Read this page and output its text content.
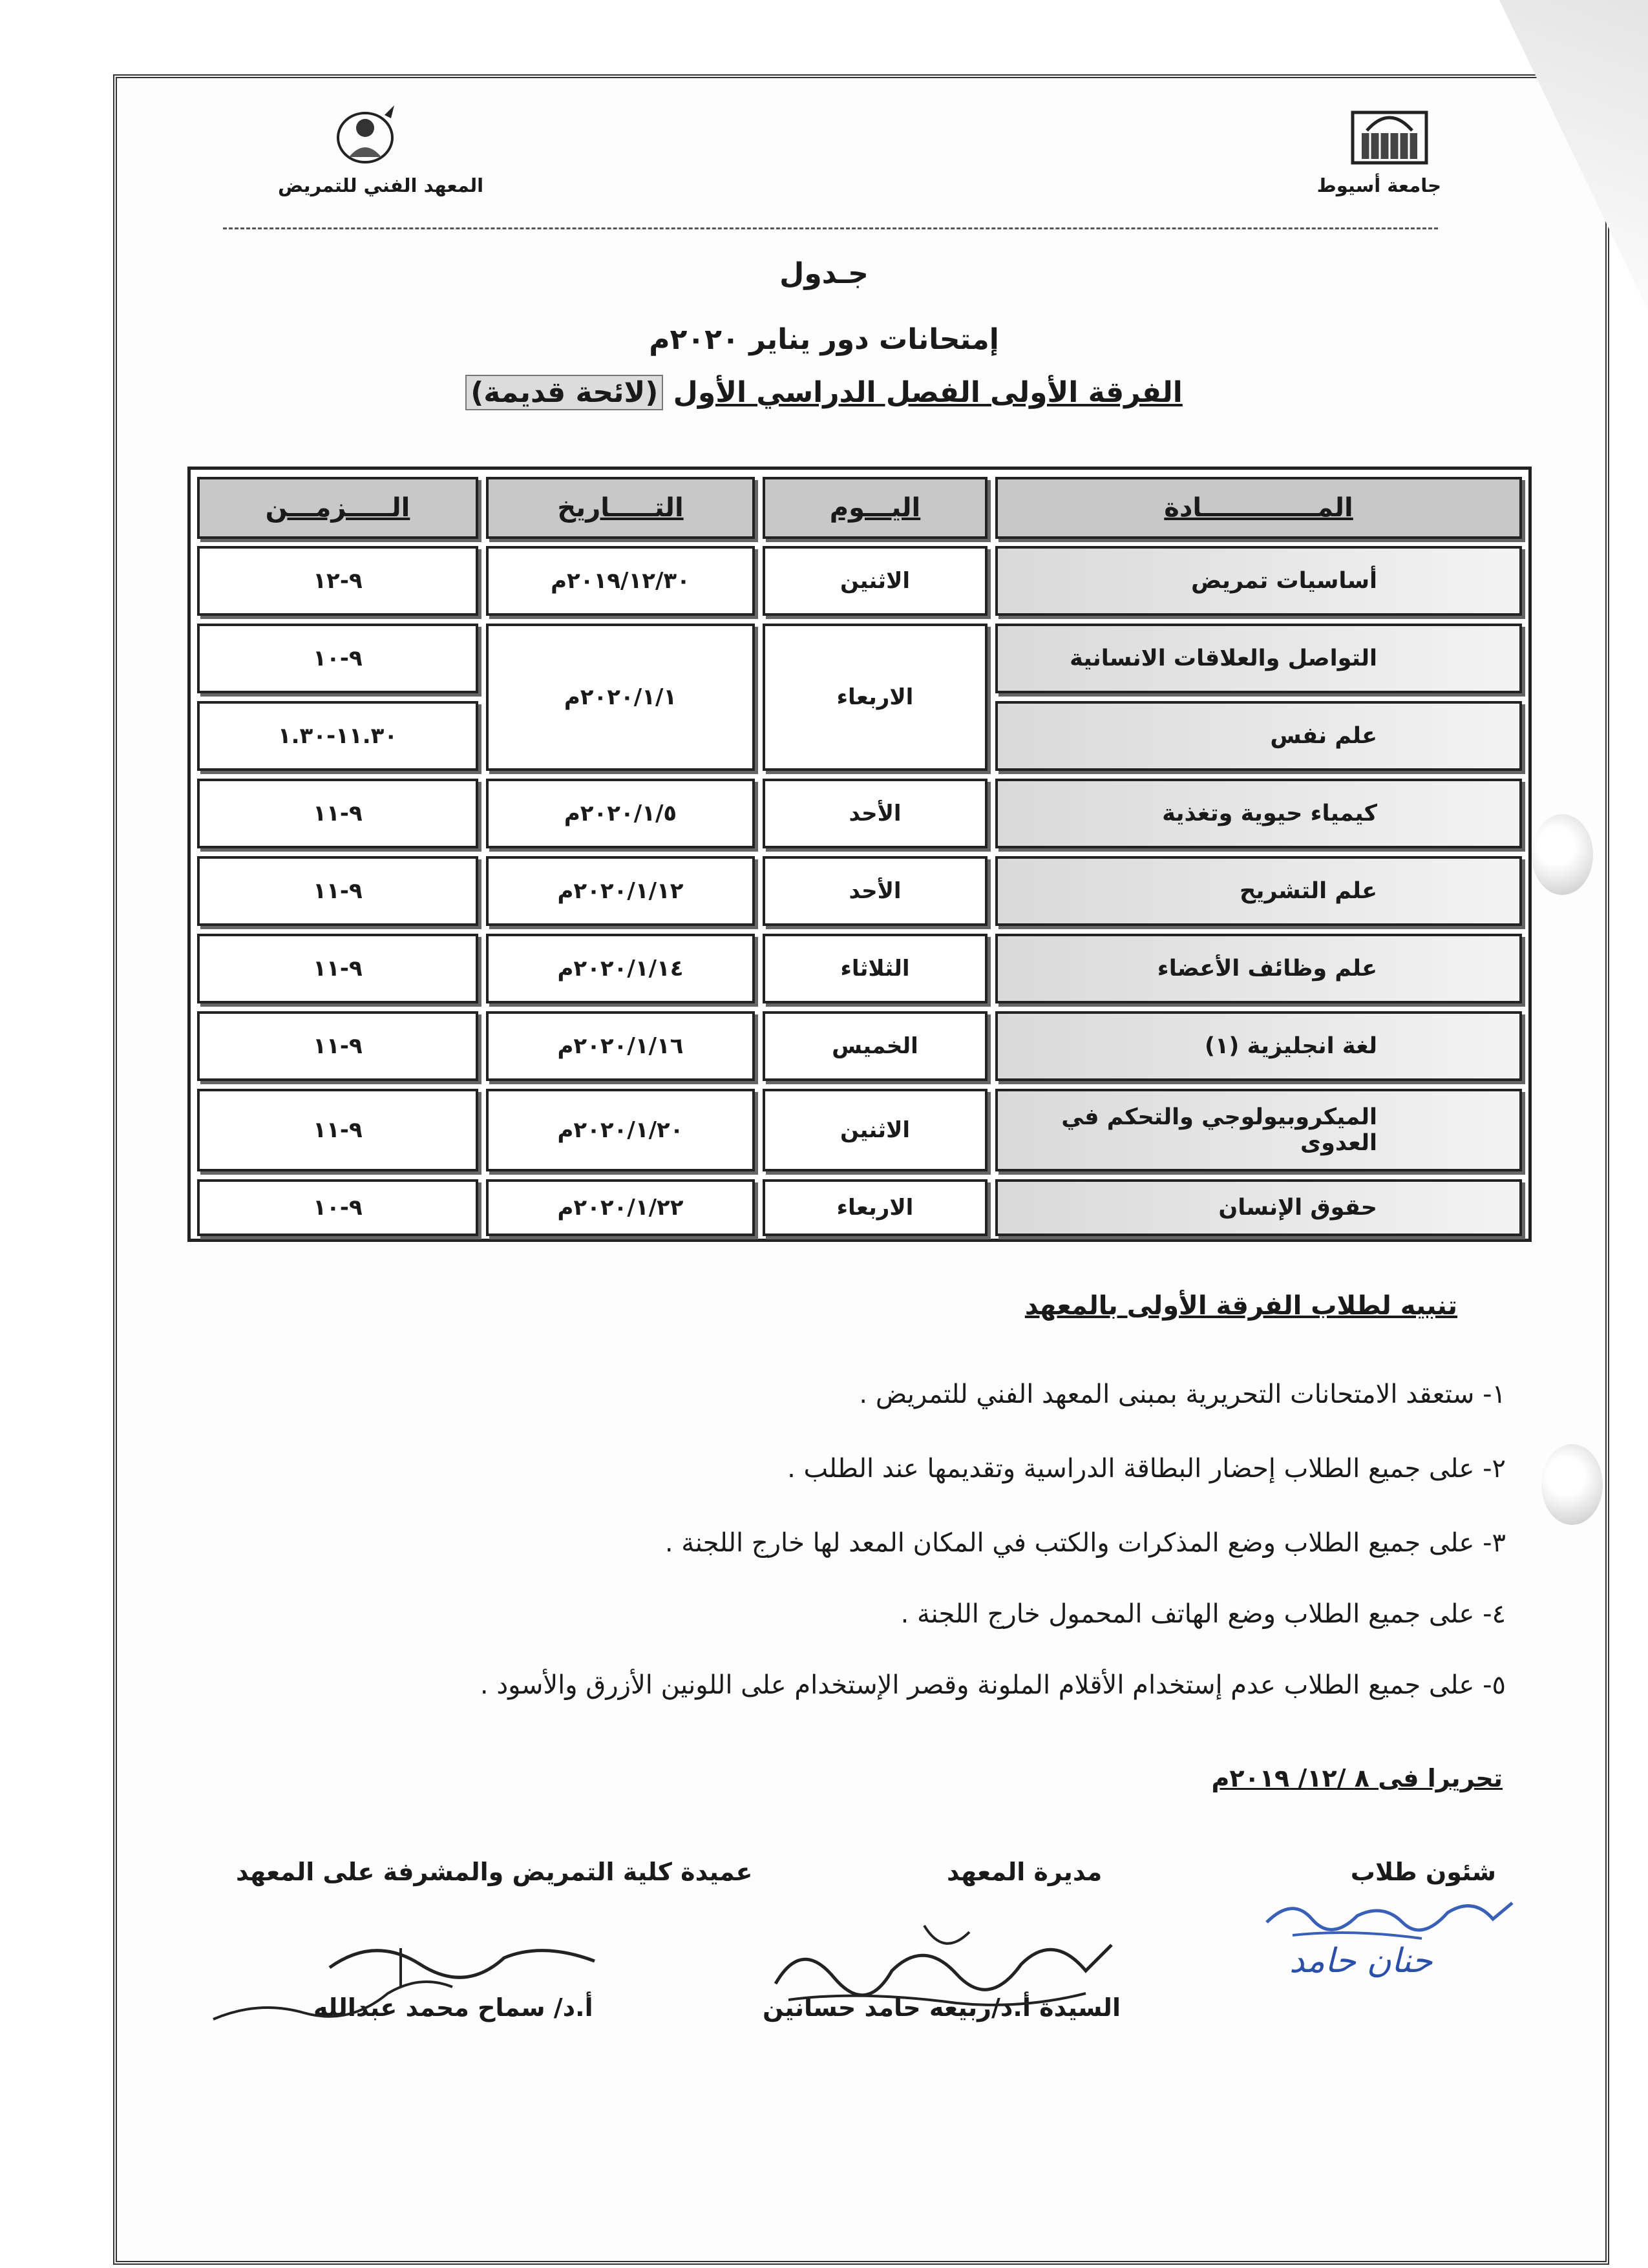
جامعة أسيوط
المعهد الفني للتمريض
جـدول
إمتحانات دور يناير ٢٠٢٠م
الفرقة الأولى الفصل الدراسي الأول (لائحة قديمة)
المـــــــــــــادة
اليـــوم
التـــــاريخ
الـــــزمـــن
أساسيات تمريض
الاثنين
٢٠١٩/١٢/٣٠م
٩-١٢
التواصل والعلاقات الانسانية
الاربعاء
٢٠٢٠/١/١م
٩-١٠
علم نفس
١١.٣٠-١.٣٠
كيمياء حيوية وتغذية
الأحد
٢٠٢٠/١/٥م
٩-١١
علم التشريح
الأحد
٢٠٢٠/١/١٢م
٩-١١
علم وظائف الأعضاء
الثلاثاء
٢٠٢٠/١/١٤م
٩-١١
لغة انجليزية (١)
الخميس
٢٠٢٠/١/١٦م
٩-١١
الميكروبيولوجي والتحكم في العدوى
الاثنين
٢٠٢٠/١/٢٠م
٩-١١
حقوق الإنسان
الاربعاء
٢٠٢٠/١/٢٢م
٩-١٠
تنبيه لطلاب الفرقة الأولى بالمعهد
١- ستعقد الامتحانات التحريرية بمبنى المعهد الفني للتمريض .
٢- على جميع الطلاب إحضار البطاقة الدراسية وتقديمها عند الطلب .
٣- على جميع الطلاب وضع المذكرات والكتب في المكان المعد لها خارج اللجنة .
٤- على جميع الطلاب وضع الهاتف المحمول خارج اللجنة .
٥- على جميع الطلاب عدم إستخدام الأقلام الملونة وقصر الإستخدام على اللونين الأزرق والأسود .
تحريرا فى ٨ /١٢/ ٢٠١٩م
شئون طلاب
مديرة المعهد
عميدة كلية التمريض والمشرفة على المعهد
حنان حامد
السيدة أ.د/ربيعه حامد حسانين
أ.د/ سماح محمد عبدالله
